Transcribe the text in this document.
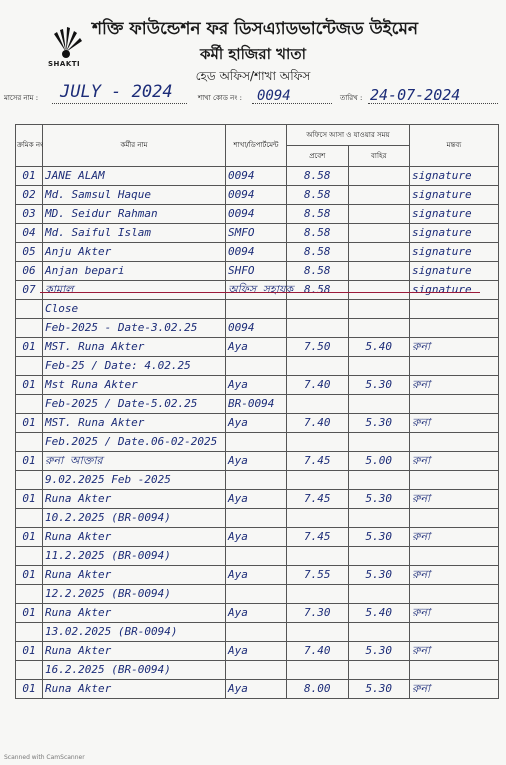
SHAKTI
শক্তি ফাউন্ডেশন ফর ডিসএ্যাডভান্টেজড উইমেন
কর্মী হাজিরা খাতা
হেড অফিস/শাখা অফিস
মাসের নাম : JULY - 2024	শাখা কোড নং : 0094	তারিখ : 24-07-2024
ক্রমিক নং	কর্মীর নাম	শাখা/ডিপার্টমেন্ট	অফিসে আসা ও যাওয়ার সময়		মন্তব্য
			প্রবেশ	বাহির	
01	JANE ALAM	0094	8.58		signature
02	Md. Samsul Haque	0094	8.58		signature
03	MD. Seidur Rahman	0094	8.58		signature
04	Md. Saiful Islam	SMFO	8.58		signature
05	Anju Akter	0094	8.58		signature
06	Anjan bepari	SHFO	8.58		signature
07	কামাল	অফিস সহায়ক	8.58		signature
	Close				
	Feb-2025 - Date-3.02.25	0094			
01	MST. Runa Akter	Aya	7.50	5.40	রুনা
	Feb-25 / Date: 4.02.25				
01	Mst Runa Akter	Aya	7.40	5.30	রুনা
	Feb-2025 / Date-5.02.25	BR-0094			
01	MST. Runa Akter	Aya	7.40	5.30	রুনা
	Feb.2025 / Date.06-02-2025				
01	রুনা আক্তার	Aya	7.45	5.00	রুনা
	9.02.2025 Feb -2025				
01	Runa Akter	Aya	7.45	5.30	রুনা
	10.2.2025 (BR-0094)				
01	Runa Akter	Aya	7.45	5.30	রুনা
	11.2.2025 (BR-0094)				
01	Runa Akter	Aya	7.55	5.30	রুনা
	12.2.2025 (BR-0094)				
01	Runa Akter	Aya	7.30	5.40	রুনা
	13.02.2025 (BR-0094)				
01	Runa Akter	Aya	7.40	5.30	রুনা
	16.2.2025 (BR-0094)				
01	Runa Akter	Aya	8.00	5.30	রুনা
Scanned with CamScanner
